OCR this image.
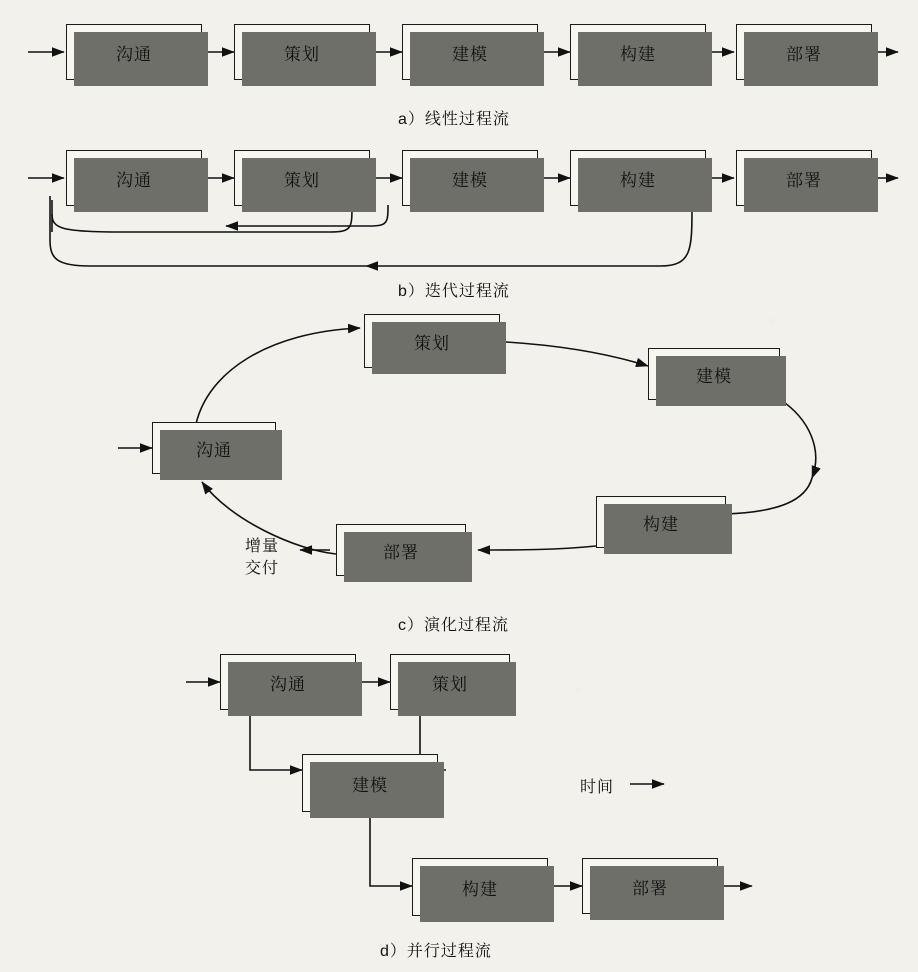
沟通	策划	建模	构建	部署
a）线性过程流
沟通	策划	建模	构建	部署
b）迭代过程流
策划
建模
构建
部署
沟通
增量
交付
c）演化过程流
沟通	策划
建模
构建	部署
时间
d）并行过程流
